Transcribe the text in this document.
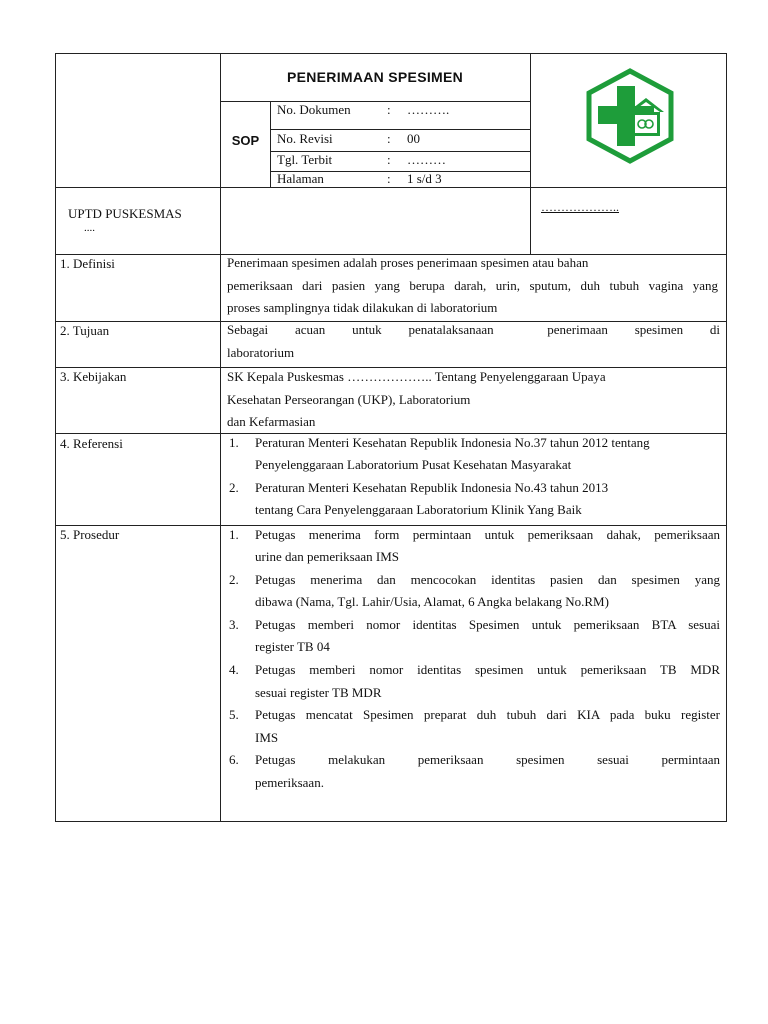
PENERIMAAN SPESIMEN
SOP
No. Dokumen	: ……….
No. Revisi	: 00
Tgl. Terbit	: ………
Halaman	: 1 s/d 3
UPTD PUSKESMAS
....
………………..
1. Definisi	Penerimaan spesimen adalah proses penerimaan spesimen atau bahan
pemeriksaan dari pasien yang berupa darah, urin, sputum, duh tubuh vagina yang
proses samplingnya tidak dilakukan di laboratorium
2. Tujuan	Sebagai acuan untuk penatalaksanaan  penerimaan spesimen di
laboratorium
3. Kebijakan	SK Kepala Puskesmas ……………….. Tentang Penyelenggaraan Upaya
Kesehatan Perseorangan (UKP), Laboratorium
dan Kefarmasian
4. Referensi	1. Peraturan Menteri Kesehatan Republik Indonesia No.37 tahun 2012 tentang
Penyelenggaraan Laboratorium Pusat Kesehatan Masyarakat
2. Peraturan Menteri Kesehatan Republik Indonesia No.43 tahun 2013
tentang Cara Penyelenggaraan Laboratorium Klinik Yang Baik
5. Prosedur	1. Petugas menerima form permintaan untuk pemeriksaan dahak, pemeriksaan
urine dan pemeriksaan IMS
2. Petugas menerima dan mencocokan identitas pasien dan spesimen yang
dibawa (Nama, Tgl. Lahir/Usia, Alamat, 6 Angka belakang No.RM)
3. Petugas memberi nomor identitas Spesimen untuk pemeriksaan BTA sesuai
register TB 04
4. Petugas memberi nomor identitas spesimen untuk pemeriksaan TB MDR
sesuai register TB MDR
5. Petugas mencatat Spesimen preparat duh tubuh dari KIA pada buku register
IMS
6. Petugas melakukan pemeriksaan spesimen sesuai permintaan
pemeriksaan.
